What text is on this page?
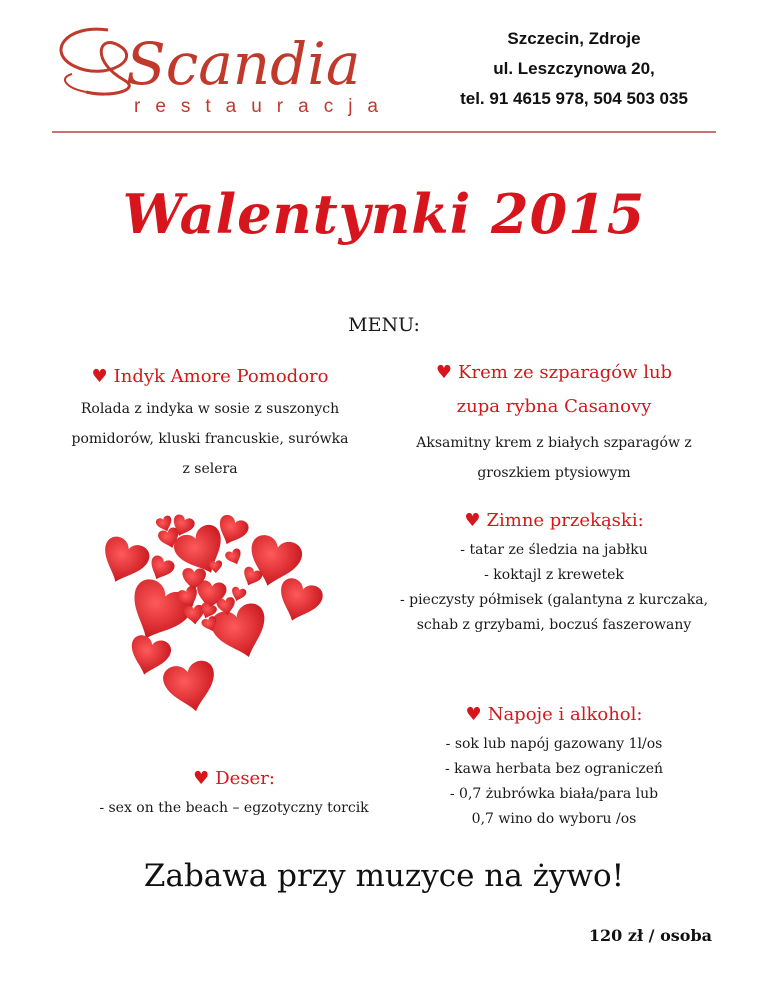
Scandia
restauracja
Szczecin, Zdroje
ul. Leszczynowa 20,
tel. 91 4615 978, 504 503 035
Walentynki 2015
MENU:
♥ Indyk Amore Pomodoro
Rolada z indyka w sosie z suszonych
pomidorów, kluski francuskie, surówka
z selera
♥ Krem ze szparagów lub
zupa rybna Casanovy
Aksamitny krem z białych szparagów z
groszkiem ptysiowym
♥ Zimne przekąski:
- tatar ze śledzia na jabłku
- koktajl z krewetek
- pieczysty półmisek (galantyna z kurczaka,
schab z grzybami, boczuś faszerowany
♥ Napoje i alkohol:
- sok lub napój gazowany 1l/os
- kawa herbata bez ograniczeń
- 0,7 żubrówka biała/para lub
0,7 wino do wyboru /os
♥ Deser:
- sex on the beach – egzotyczny torcik
Zabawa przy muzyce na żywo!
120 zł / osoba
